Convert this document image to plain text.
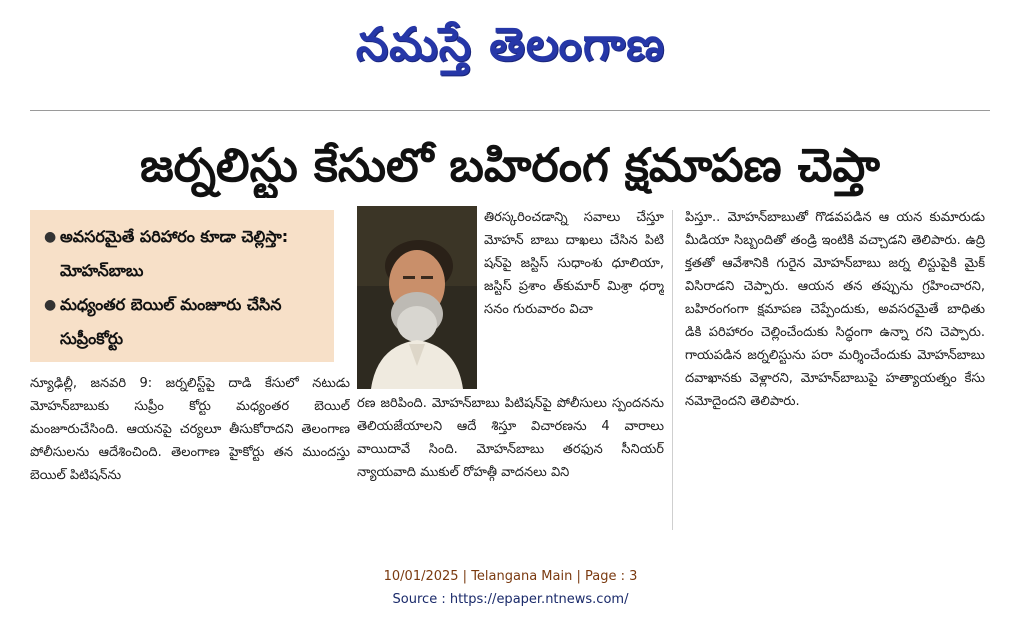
నమస్తే తెలంగాణ
జర్నలిస్టు కేసులో బహిరంగ క్షమాపణ చెప్తా
● అవసరమైతే పరిహారం కూడా చెల్లిస్తా: మోహన్‌బాబు
● మధ్యంతర బెయిల్ మంజూరు చేసిన సుప్రీంకోర్టు

న్యూఢిల్లీ, జనవరి 9: జర్నలిస్ట్‌పై దాడి కేసులో నటుడు మోహన్‌బాబుకు సుప్రీం కోర్టు మధ్యంతర బెయిల్ మంజూరుచేసింది. ఆయనపై చర్యలూ తీసుకోరాదని తెలంగాణ పోలీసులను ఆదేశించింది. తెలంగాణ హైకోర్టు తన ముందస్తు బెయిల్ పిటిషన్‌ను

తిరస్కరించడాన్ని సవాలు చేస్తూ మోహన్ బాబు దాఖలు చేసిన పిటి షన్‌పై జస్టిస్ సుధాంశు ధూలియా, జస్టిస్ ప్రశాం త్‌కుమార్ మిశ్రా ధర్మా సనం గురువారం విచా

రణ జరిపింది. మోహన్‌బాబు పిటిషన్‌పై పోలీసులు స్పందనను తెలియజేయాలని ఆదే శిస్తూ విచారణను 4 వారాలు వాయిదావే సింది. మోహన్‌బాబు తరఫున సీనియర్ న్యాయవాది ముకుల్ రోహత్గీ వాదనలు విని

పిస్తూ.. మోహన్‌బాబుతో గొడవపడిన ఆ యన కుమారుడు మీడియా సిబ్బందితో తండ్రి ఇంటికి వచ్చాడని తెలిపారు. ఉద్రి క్తతతో ఆవేశానికి గురైన మోహన్‌బాబు జర్న లిస్టుపైకి మైక్ విసిరాడని చెప్పారు. ఆయన తన తప్పును గ్రహించారని, బహిరంగంగా క్షమాపణ చెప్పేందుకు, అవసరమైతే బాధితు డికి పరిహారం చెల్లించేందుకు సిద్ధంగా ఉన్నా రని చెప్పారు. గాయపడిన జర్నలిస్టును పరా మర్శించేందుకు మోహన్‌బాబు దవాఖానకు వెళ్లారని, మోహన్‌బాబుపై హత్యాయత్నం కేసు నమోదైందని తెలిపారు.

10/01/2025 | Telangana Main | Page : 3
Source : https://epaper.ntnews.com/
